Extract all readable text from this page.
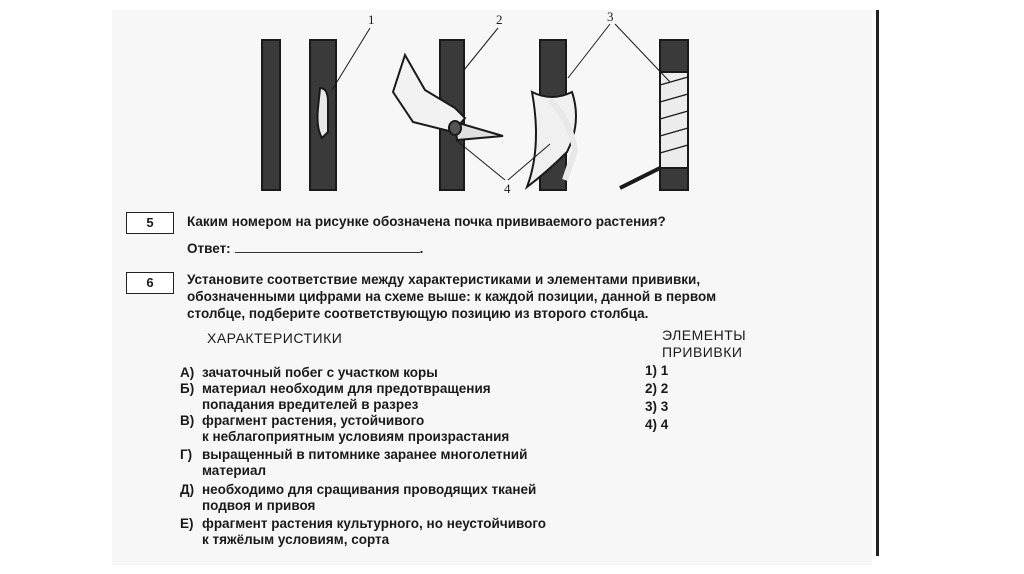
1	2	3
4
5	Каким номером на рисунке обозначена почка прививаемого растения?
Ответ:	.
6	Установите соответствие между характеристиками и элементами прививки,
обозначенными цифрами на схеме выше: к каждой позиции, данной в первом
столбце, подберите соответствующую позицию из второго столбца.
ХАРАКТЕРИСТИКИ	ЭЛЕМЕНТЫ
ПРИВИВКИ
А) зачаточный побег с участком коры
Б) материал необходим для предотвращения
попадания вредителей в разрез
В) фрагмент растения, устойчивого
к неблагоприятным условиям произрастания
Г) выращенный в питомнике заранее многолетний
материал
Д) необходимо для сращивания проводящих тканей
подвоя и привоя
Е) фрагмент растения культурного, но неустойчивого
к тяжёлым условиям, сорта
1) 1
2) 2
3) 3
4) 4
